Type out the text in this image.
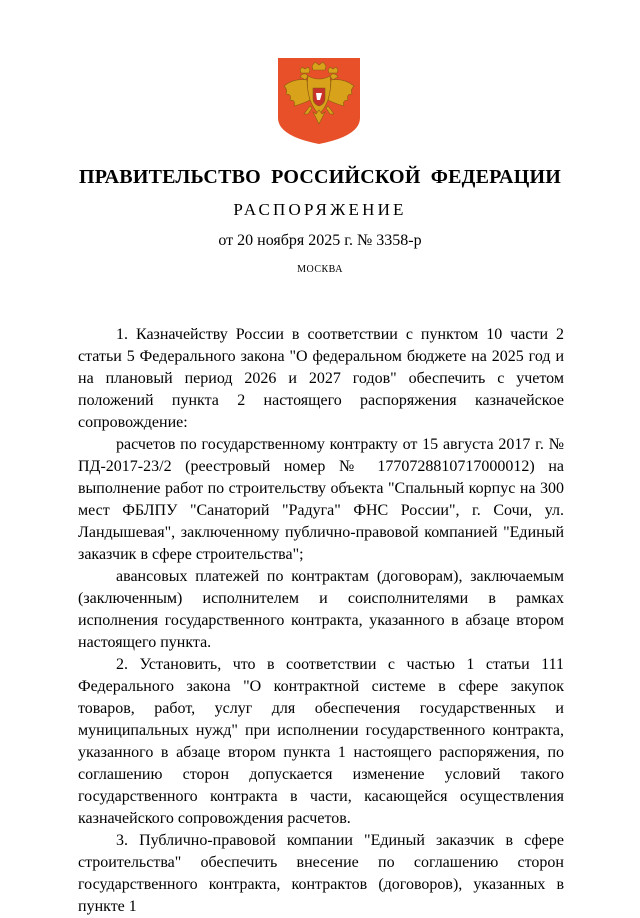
ПРАВИТЕЛЬСТВО РОССИЙСКОЙ ФЕДЕРАЦИИ
РАСПОРЯЖЕНИЕ
от 20 ноября 2025 г. № 3358-р
МОСКВА

1. Казначейству России в соответствии с пунктом 10 части 2 статьи 5 Федерального закона "О федеральном бюджете на 2025 год и на плановый период 2026 и 2027 годов" обеспечить с учетом положений пункта 2 настоящего распоряжения казначейское сопровождение:

расчетов по государственному контракту от 15 августа 2017 г. № ПД-2017-23/2 (реестровый номер № 1770728810717000012) на выполнение работ по строительству объекта "Спальный корпус на 300 мест ФБЛПУ "Санаторий "Радуга" ФНС России", г. Сочи, ул. Ландышевая", заключенному публично-правовой компанией "Единый заказчик в сфере строительства";

авансовых платежей по контрактам (договорам), заключаемым (заключенным) исполнителем и соисполнителями в рамках исполнения государственного контракта, указанного в абзаце втором настоящего пункта.

2. Установить, что в соответствии с частью 1 статьи 111 Федерального закона "О контрактной системе в сфере закупок товаров, работ, услуг для обеспечения государственных и муниципальных нужд" при исполнении государственного контракта, указанного в абзаце втором пункта 1 настоящего распоряжения, по соглашению сторон допускается изменение условий такого государственного контракта в части, касающейся осуществления казначейского сопровождения расчетов.

3. Публично-правовой компании "Единый заказчик в сфере строительства" обеспечить внесение по соглашению сторон государственного контракта, контрактов (договоров), указанных в пункте 1
